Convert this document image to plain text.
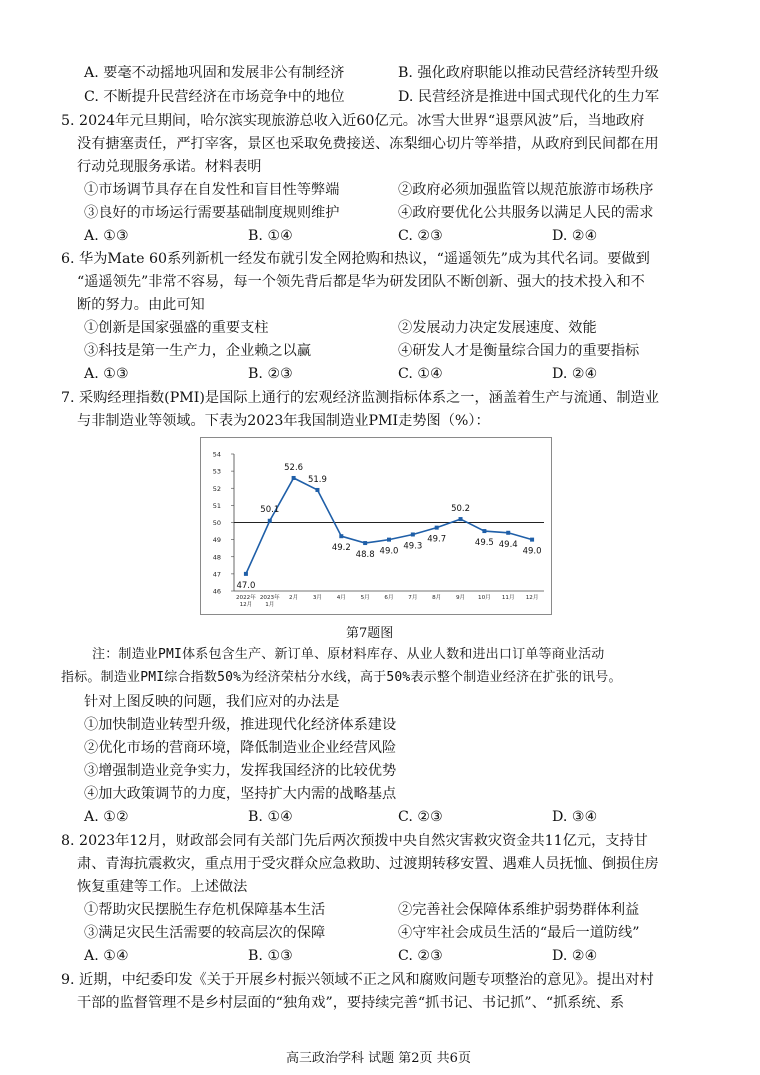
A. 要毫不动摇地巩固和发展非公有制经济	B. 强化政府职能以推动民营经济转型升级
C. 不断提升民营经济在市场竞争中的地位	D. 民营经济是推进中国式现代化的生力军
5. 2024年元旦期间，哈尔滨实现旅游总收入近60亿元。冰雪大世界“退票风波”后，当地政府
没有搪塞责任，严打宰客，景区也采取免费接送、冻梨细心切片等举措，从政府到民间都在用
行动兑现服务承诺。材料表明
①市场调节具存在自发性和盲目性等弊端	②政府必须加强监管以规范旅游市场秩序
③良好的市场运行需要基础制度规则维护	④政府要优化公共服务以满足人民的需求
A. ①③	B. ①④	C. ②③	D. ②④
6. 华为Mate 60系列新机一经发布就引发全网抢购和热议，“遥遥领先”成为其代名词。要做到
“遥遥领先”非常不容易，每一个领先背后都是华为研发团队不断创新、强大的技术投入和不
断的努力。由此可知
①创新是国家强盛的重要支柱	②发展动力决定发展速度、效能
③科技是第一生产力，企业赖之以赢	④研发人才是衡量综合国力的重要指标
A. ①③	B. ②③	C. ①④	D. ②④
7. 采购经理指数(PMI)是国际上通行的宏观经济监测指标体系之一，涵盖着生产与流通、制造业
与非制造业等领域。下表为2023年我国制造业PMI走势图（%）：
46
47
48
49
50
51
52
53
54
2022年
12月
2023年
1月
2月	3月	4月	5月	6月	7月	8月	9月 10月 11月 12月
47.0
50.1
52.6
51.9
49.2
48.8 49.0
49.3
49.7
50.2
49.5 49.4
49.0
第7题图
注：制造业PMI体系包含生产、新订单、原材料库存、从业人数和进出口订单等商业活动
指标。制造业PMI综合指数50%为经济荣枯分水线，高于50%表示整个制造业经济在扩张的讯号。
针对上图反映的问题，我们应对的办法是
①加快制造业转型升级，推进现代化经济体系建设
②优化市场的营商环境，降低制造业企业经营风险
③增强制造业竞争实力，发挥我国经济的比较优势
④加大政策调节的力度，坚持扩大内需的战略基点
A. ①②	B. ①④	C. ②③	D. ③④
8. 2023年12月，财政部会同有关部门先后两次预拨中央自然灾害救灾资金共11亿元，支持甘
肃、青海抗震救灾，重点用于受灾群众应急救助、过渡期转移安置、遇难人员抚恤、倒损住房
恢复重建等工作。上述做法
①帮助灾民摆脱生存危机保障基本生活	②完善社会保障体系维护弱势群体利益
③满足灾民生活需要的较高层次的保障	④守牢社会成员生活的“最后一道防线”
A. ①④	B. ①③	C. ②③	D. ②④
9. 近期，中纪委印发《关于开展乡村振兴领域不正之风和腐败问题专项整治的意见》。提出对村
干部的监督管理不是乡村层面的“独角戏”，要持续完善“抓书记、书记抓”、“抓系统、系
高三政治学科 试题 第2页 共6页
